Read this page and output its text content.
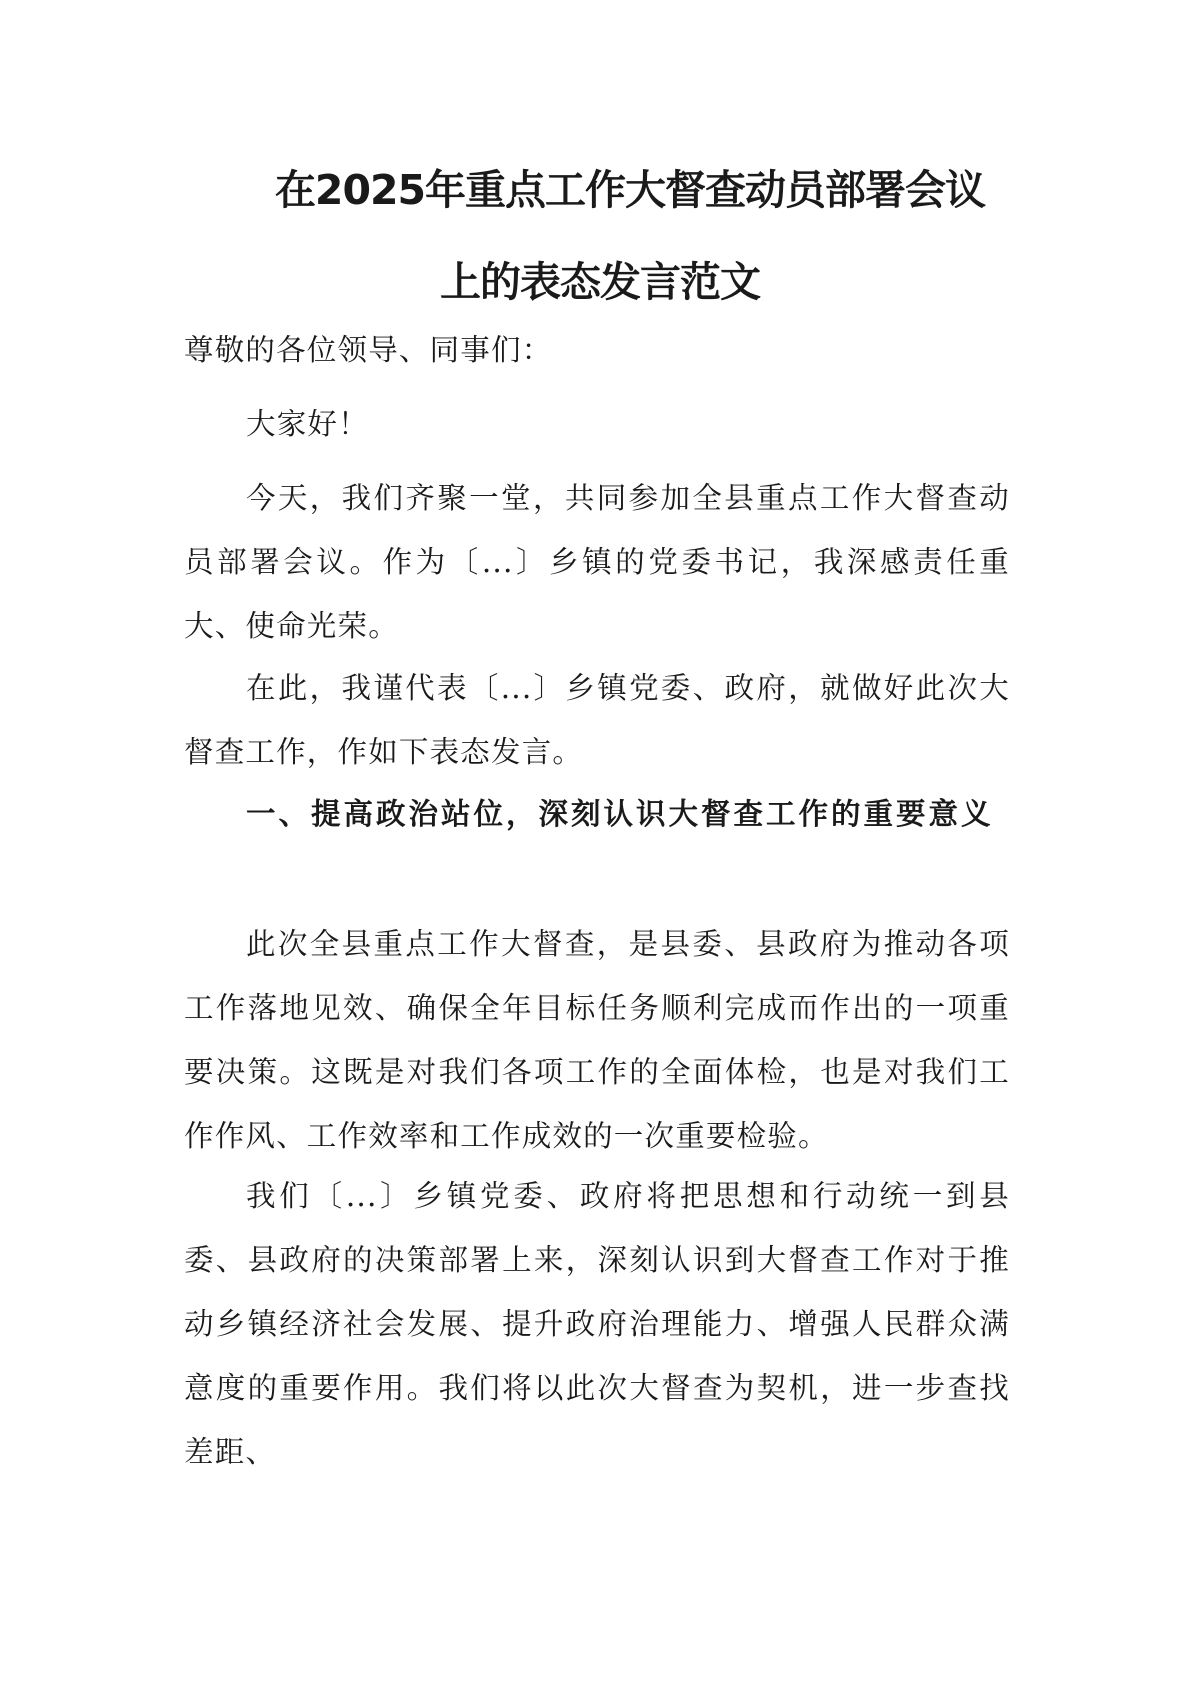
在2025年重点工作大督查动员部署会议
上的表态发言范文

尊敬的各位领导、同事们：

大家好！

今天，我们齐聚一堂，共同参加全县重点工作大督查动员部署会议。作为〔...〕乡镇的党委书记，我深感责任重大、使命光荣。

在此，我谨代表〔...〕乡镇党委、政府，就做好此次大督查工作，作如下表态发言。

一、提高政治站位，深刻认识大督查工作的重要意义

此次全县重点工作大督查，是县委、县政府为推动各项工作落地见效、确保全年目标任务顺利完成而作出的一项重要决策。这既是对我们各项工作的全面体检，也是对我们工作作风、工作效率和工作成效的一次重要检验。

我们〔...〕乡镇党委、政府将把思想和行动统一到县委、县政府的决策部署上来，深刻认识到大督查工作对于推动乡镇经济社会发展、提升政府治理能力、增强人民群众满意度的重要作用。我们将以此次大督查为契机，进一步查找差距、
